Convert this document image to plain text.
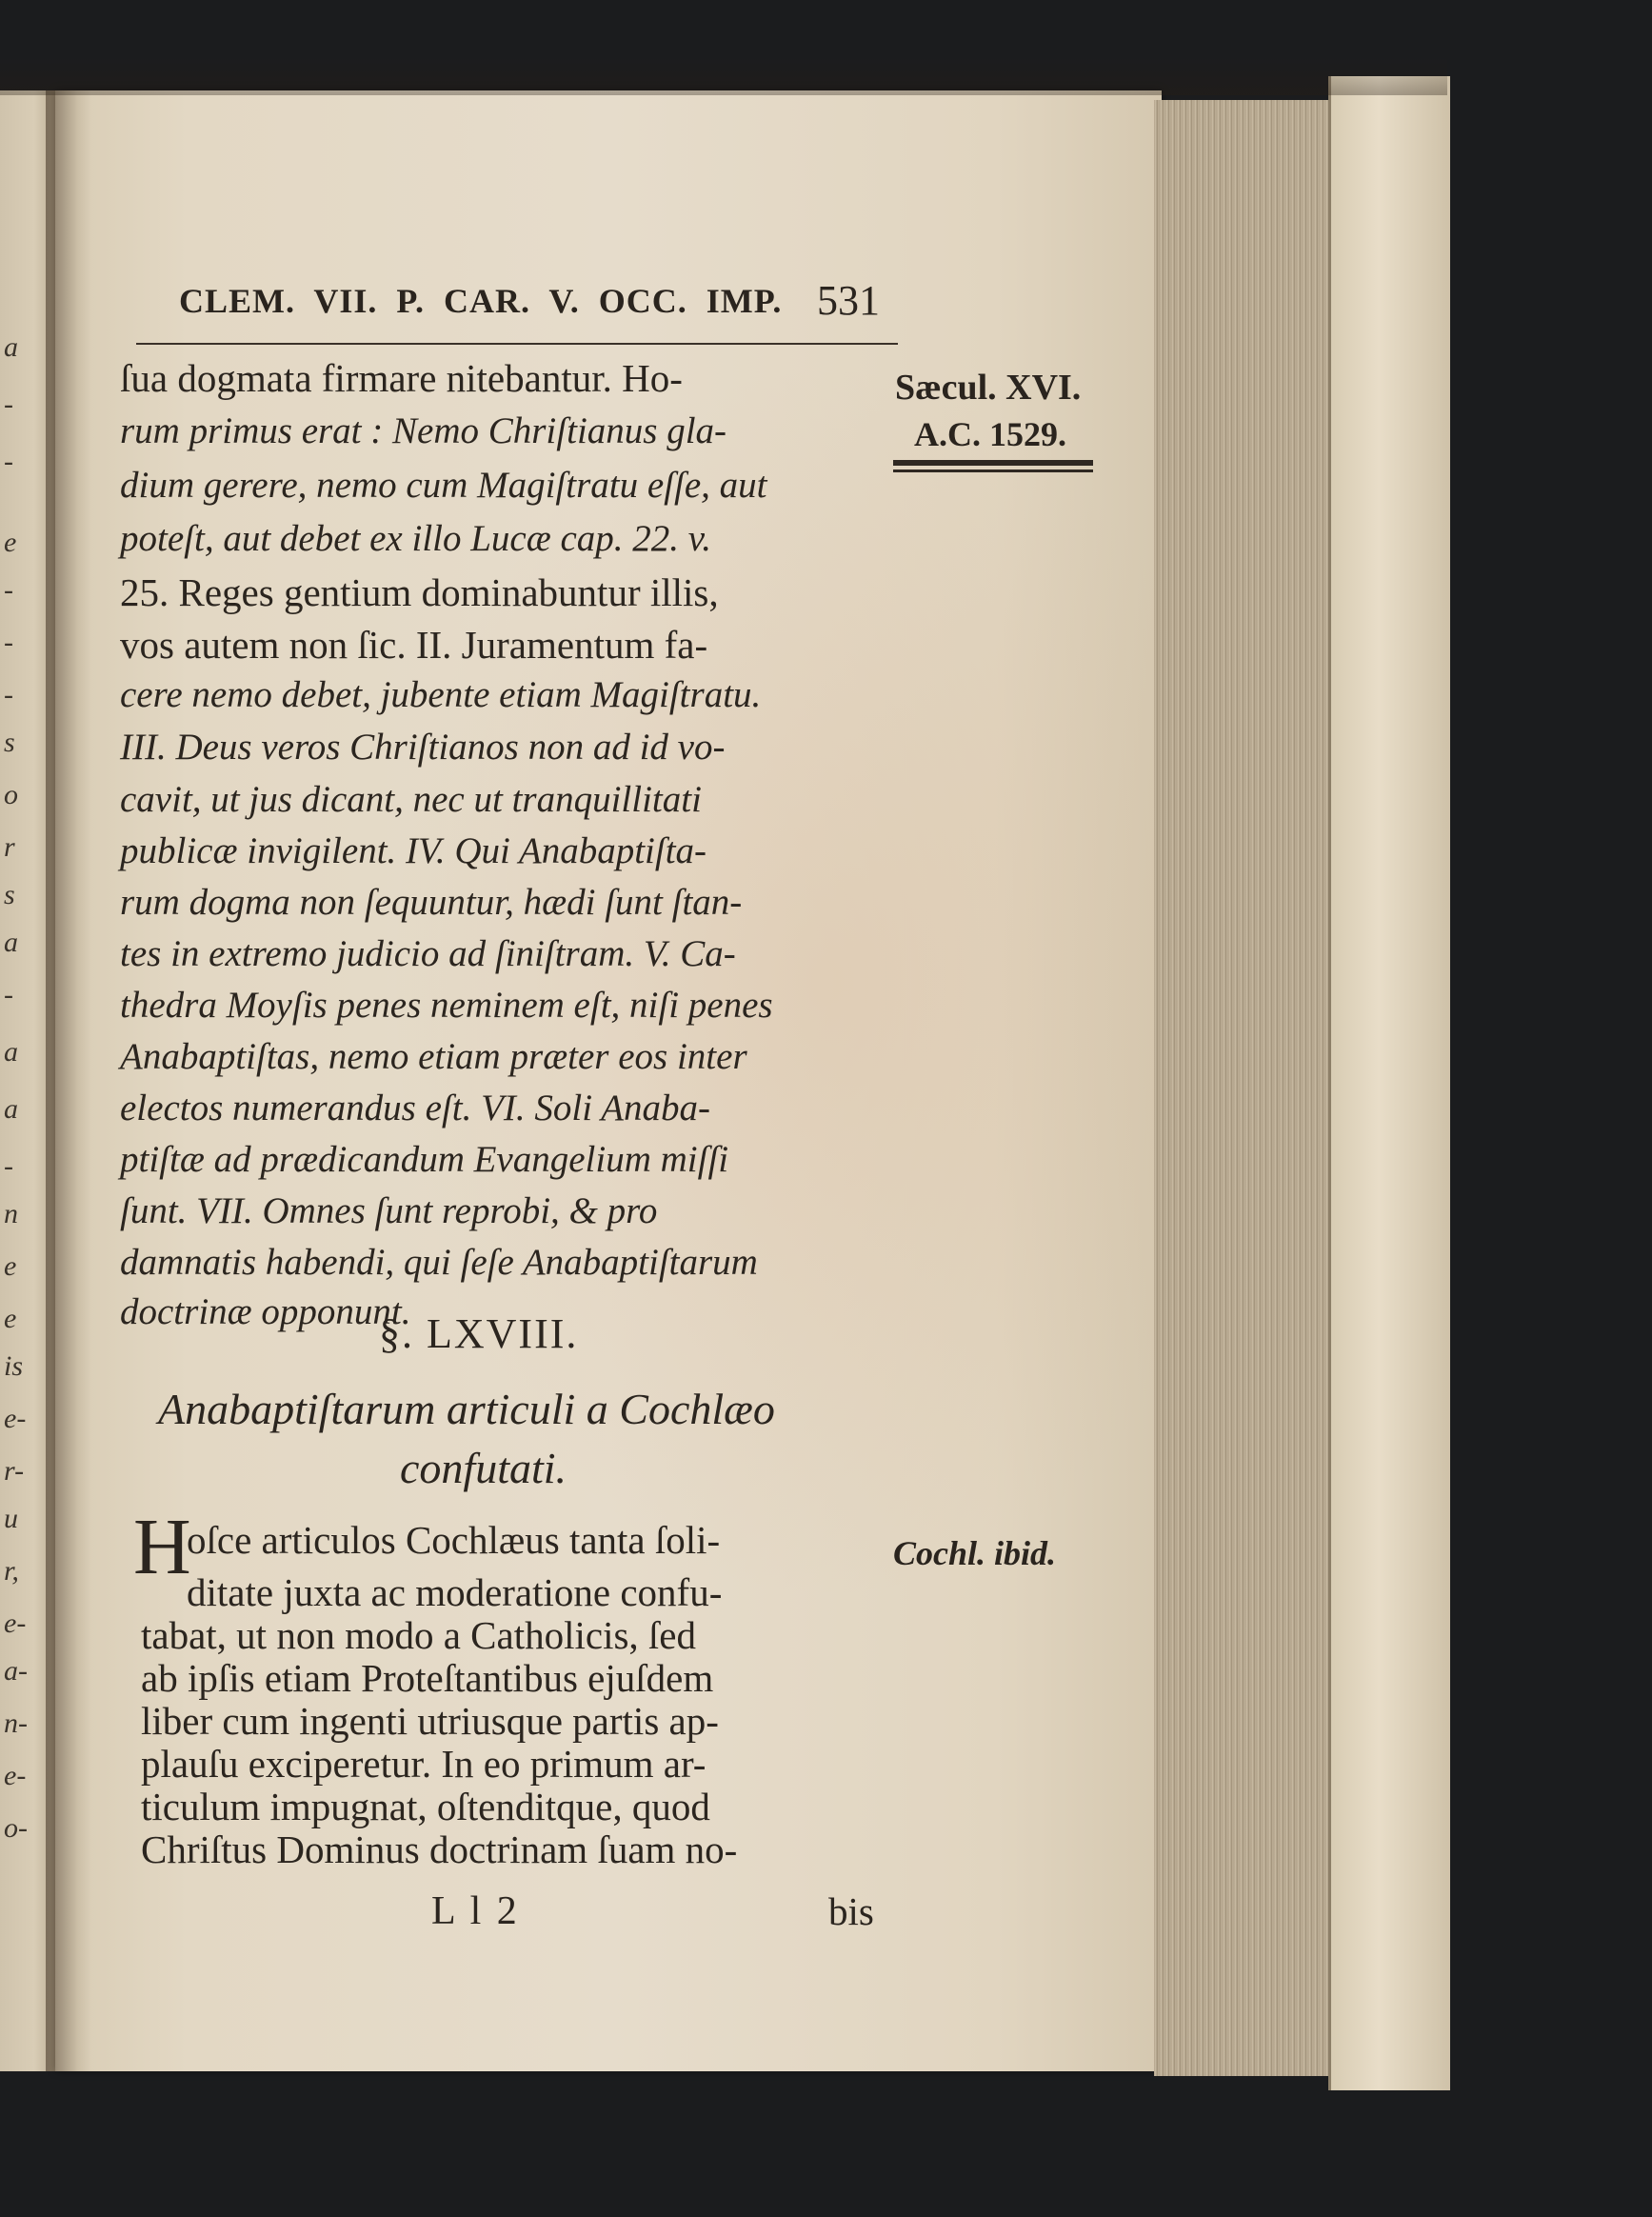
a
-
-
e
-
-
-
s
o
r
s
a
-
a
a
-
n
e
e
is
e-
r-
u
r,
e-
a-
n-
e-
o-
CLEM. VII. P. CAR. V. OCC. IMP. 531
Sæcul. XVI.
A.C. 1529.
ſua dogmata firmare nitebantur. Ho-
rum primus erat : Nemo Chriſtianus gla-
dium gerere, nemo cum Magiſtratu eſſe, aut
poteſt, aut debet ex illo Lucæ cap. 22. v.
25. Reges gentium dominabuntur illis,
vos autem non ſic. II. Juramentum fa-
cere nemo debet, jubente etiam Magiſtratu.
III. Deus veros Chriſtianos non ad id vo-
cavit, ut jus dicant, nec ut tranquillitati
publicæ invigilent. IV. Qui Anabaptiſta-
rum dogma non ſequuntur, hædi ſunt ſtan-
tes in extremo judicio ad ſiniſtram. V. Ca-
thedra Moyſis penes neminem eſt, niſi penes
Anabaptiſtas, nemo etiam præter eos inter
electos numerandus eſt. VI. Soli Anaba-
ptiſtæ ad prædicandum Evangelium miſſi
ſunt. VII. Omnes ſunt reprobi, & pro
damnatis habendi, qui ſeſe Anabaptiſtarum
doctrinæ opponunt.
§. LXVIII.
Anabaptiſtarum articuli a Cochlæo
confutati.
H
oſce articulos Cochlæus tanta ſoli-
ditate juxta ac moderatione confu-
tabat, ut non modo a Catholicis, ſed
ab ipſis etiam Proteſtantibus ejuſdem
liber cum ingenti utriusque partis ap-
plauſu exciperetur. In eo primum ar-
ticulum impugnat, oſtenditque, quod
Cochl. ibid.
L l 2	bis
Chriſtus Dominus doctrinam ſuam no-
